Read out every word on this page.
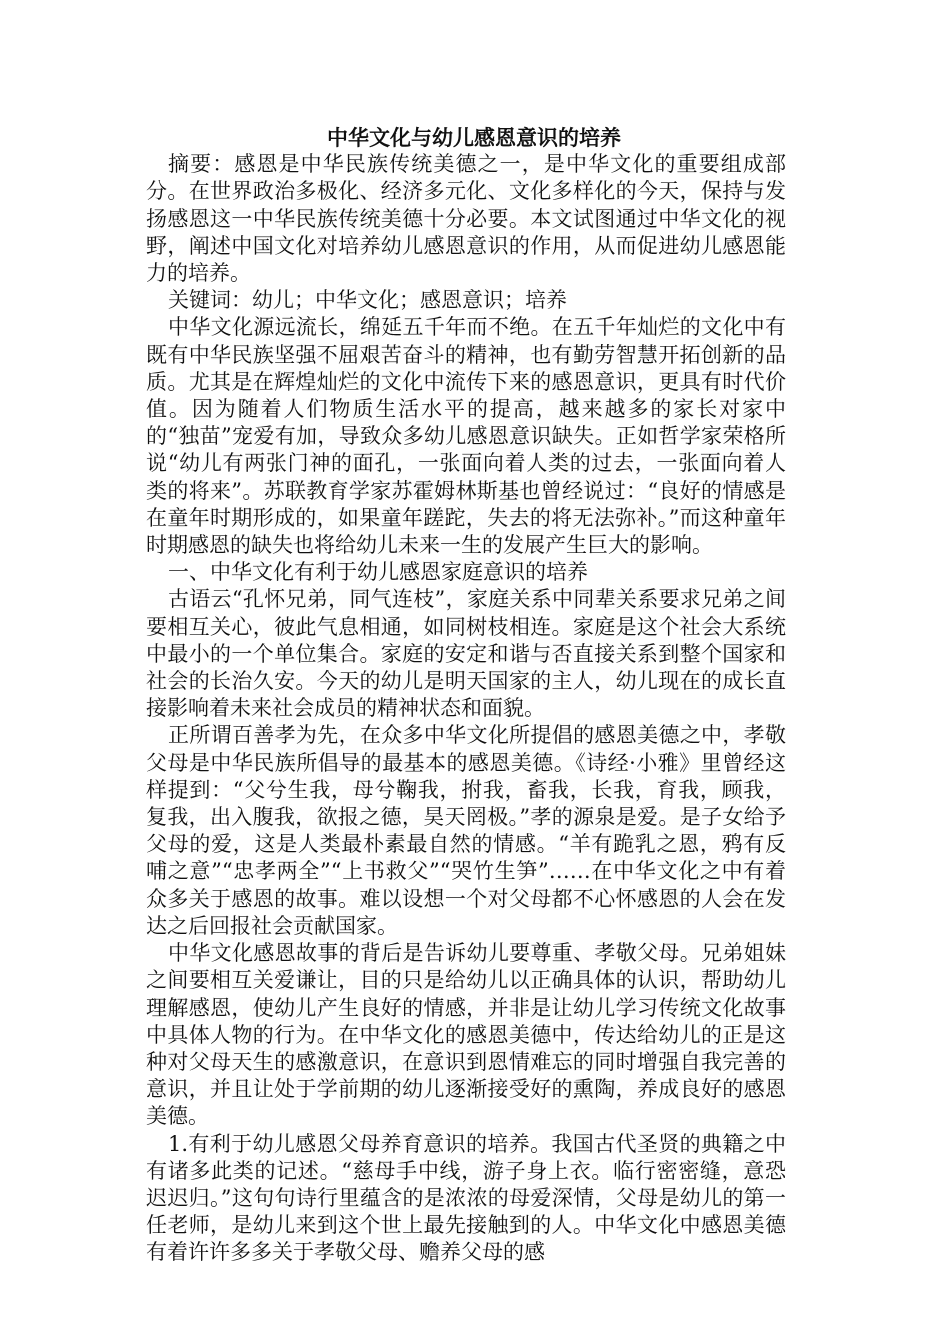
中华文化与幼儿感恩意识的培养

摘要：感恩是中华民族传统美德之一，是中华文化的重要组成部分。在世界政治多极化、经济多元化、文化多样化的今天，保持与发扬感恩这一中华民族传统美德十分必要。本文试图通过中华文化的视野，阐述中国文化对培养幼儿感恩意识的作用，从而促进幼儿感恩能力的培养。

关键词：幼儿；中华文化；感恩意识；培养

中华文化源远流长，绵延五千年而不绝。在五千年灿烂的文化中有既有中华民族坚强不屈艰苦奋斗的精神，也有勤劳智慧开拓创新的品质。尤其是在辉煌灿烂的文化中流传下来的感恩意识，更具有时代价值。因为随着人们物质生活水平的提高，越来越多的家长对家中的“独苗”宠爱有加，导致众多幼儿感恩意识缺失。正如哲学家荣格所说“幼儿有两张门神的面孔，一张面向着人类的过去，一张面向着人类的将来”。苏联教育学家苏霍姆林斯基也曾经说过：“良好的情感是在童年时期形成的，如果童年蹉跎，失去的将无法弥补。”而这种童年时期感恩的缺失也将给幼儿未来一生的发展产生巨大的影响。

一、中华文化有利于幼儿感恩家庭意识的培养

古语云“孔怀兄弟，同气连枝”，家庭关系中同辈关系要求兄弟之间要相互关心，彼此气息相通，如同树枝相连。家庭是这个社会大系统中最小的一个单位集合。家庭的安定和谐与否直接关系到整个国家和社会的长治久安。今天的幼儿是明天国家的主人，幼儿现在的成长直接影响着未来社会成员的精神状态和面貌。

正所谓百善孝为先，在众多中华文化所提倡的感恩美德之中，孝敬父母是中华民族所倡导的最基本的感恩美德。《诗经·小雅》里曾经这样提到：“父兮生我，母兮鞠我，拊我，畜我，长我，育我，顾我，复我，出入腹我，欲报之德，昊天罔极。”孝的源泉是爱。是子女给予父母的爱，这是人类最朴素最自然的情感。“羊有跪乳之恩，鸦有反哺之意”“忠孝两全”“上书救父”“哭竹生笋”……在中华文化之中有着众多关于感恩的故事。难以设想一个对父母都不心怀感恩的人会在发达之后回报社会贡献国家。

中华文化感恩故事的背后是告诉幼儿要尊重、孝敬父母。兄弟姐妹之间要相互关爱谦让，目的只是给幼儿以正确具体的认识，帮助幼儿理解感恩，使幼儿产生良好的情感，并非是让幼儿学习传统文化故事中具体人物的行为。在中华文化的感恩美德中，传达给幼儿的正是这种对父母天生的感激意识，在意识到恩情难忘的同时增强自我完善的意识，并且让处于学前期的幼儿逐渐接受好的熏陶，养成良好的感恩美德。

1.有利于幼儿感恩父母养育意识的培养。我国古代圣贤的典籍之中有诸多此类的记述。“慈母手中线，游子身上衣。临行密密缝，意恐迟迟归。”这句句诗行里蕴含的是浓浓的母爱深情，父母是幼儿的第一任老师，是幼儿来到这个世上最先接触到的人。中华文化中感恩美德有着许许多多关于孝敬父母、赡养父母的感
